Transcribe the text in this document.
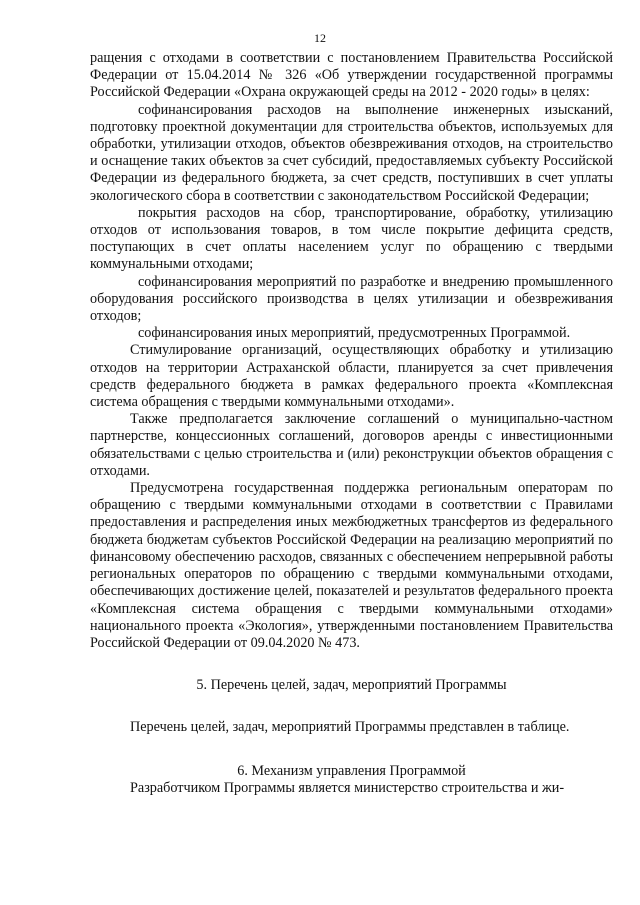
12

ращения с отходами в соответствии с постановлением Правительства Российской Федерации от 15.04.2014 № 326 «Об утверждении государственной программы Российской Федерации «Охрана окружающей среды на 2012 - 2020 годы» в целях:

софинансирования расходов на выполнение инженерных изысканий, подготовку проектной документации для строительства объектов, используемых для обработки, утилизации отходов, объектов обезвреживания отходов, на строительство и оснащение таких объектов за счет субсидий, предоставляемых субъекту Российской Федерации из федерального бюджета, за счет средств, поступивших в счет уплаты экологического сбора в соответствии с законодательством Российской Федерации;

покрытия расходов на сбор, транспортирование, обработку, утилизацию отходов от использования товаров, в том числе покрытие дефицита средств, поступающих в счет оплаты населением услуг по обращению с твердыми коммунальными отходами;

софинансирования мероприятий по разработке и внедрению промышленного оборудования российского производства в целях утилизации и обезвреживания отходов;

софинансирования иных мероприятий, предусмотренных Программой.

Стимулирование организаций, осуществляющих обработку и утилизацию отходов на территории Астраханской области, планируется за счет привлечения средств федерального бюджета в рамках федерального проекта «Комплексная система обращения с твердыми коммунальными отходами».

Также предполагается заключение соглашений о муниципально-частном партнерстве, концессионных соглашений, договоров аренды с инвестиционными обязательствами с целью строительства и (или) реконструкции объектов обращения с отходами.

Предусмотрена государственная поддержка региональным операторам по обращению с твердыми коммунальными отходами в соответствии с Правилами предоставления и распределения иных межбюджетных трансфертов из федерального бюджета бюджетам субъектов Российской Федерации на реализацию мероприятий по финансовому обеспечению расходов, связанных с обеспечением непрерывной работы региональных операторов по обращению с твердыми коммунальными отходами, обеспечивающих достижение целей, показателей и результатов федерального проекта «Комплексная система обращения с твердыми коммунальными отходами» национального проекта «Экология», утвержденными постановлением Правительства Российской Федерации от 09.04.2020 № 473.

5. Перечень целей, задач, мероприятий Программы

Перечень целей, задач, мероприятий Программы представлен в таблице.

6. Механизм управления Программой

Разработчиком Программы является министерство строительства и жи-
